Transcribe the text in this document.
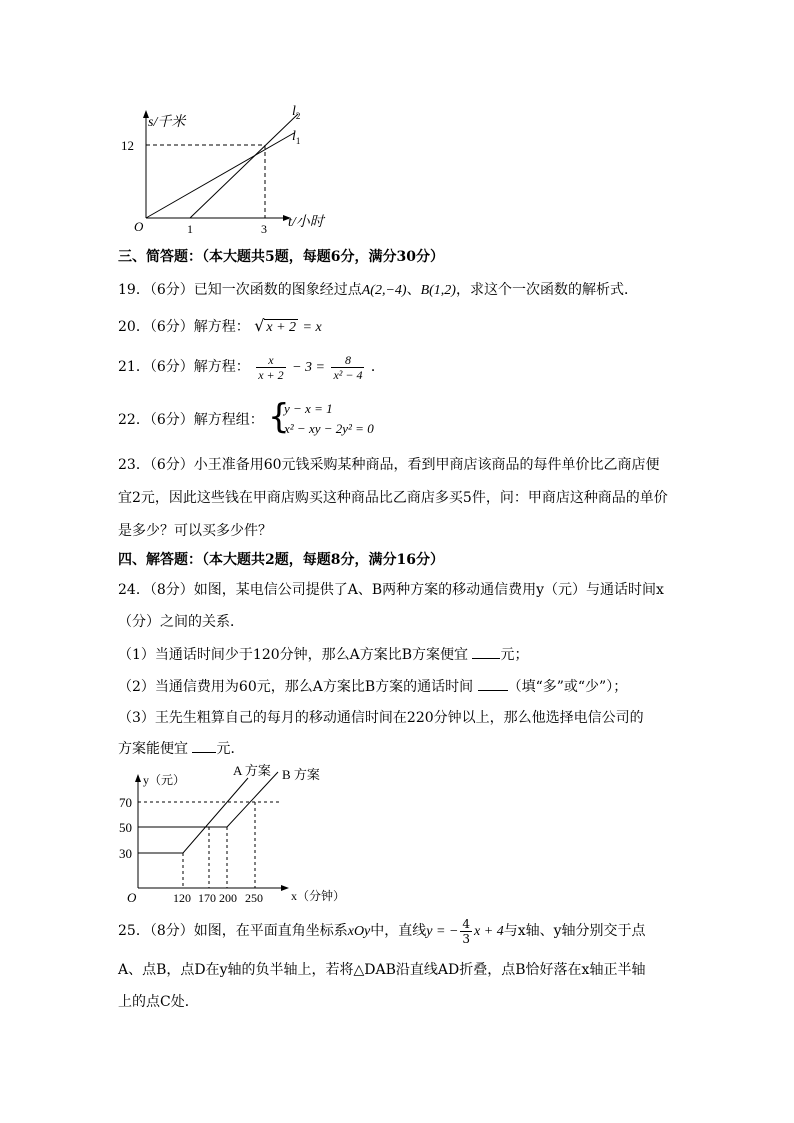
s/千米
12
O	1	3 t/小时
$l_2$
$l_1$
三、简答题：（本大题共5题，每题6分，满分30分）
19．（6分）已知一次函数的图象经过点A(2,−4)、B(1,2)，求这个一次函数的解析式．
20．（6分）解方程： √ x + 2 = x
21．（6分）解方程： $\frac{x}{x + 2} - 3 = \frac{8}{\text{x² − 4}}$ ．
22．（6分）解方程组： {
y − x = 1
x² − xy − 2y² = 0
23．（6分）小王准备用60元钱采购某种商品，看到甲商店该商品的每件单价比乙商店便
宜2元，因此这些钱在甲商店购买这种商品比乙商店多买5件，问：甲商店这种商品的单价
是多少？可以买多少件？
四、解答题：（本大题共2题，每题8分，满分16分）
24．（8分）如图，某电信公司提供了A、B两种方案的移动通信费用y（元）与通话时间x
（分）之间的关系．
（1）当通话时间少于120分钟，那么A方案比B方案便宜 元；
（2）当通信费用为60元，那么A方案比B方案的通话时间 （填“多”或“少”）；
（3）王先生粗算自己的每月的移动通信时间在220分钟以上，那么他选择电信公司的
方案能便宜 元．
y（元）
A 方案 B 方案
70
50
30
O	120 170 200 250 x（分钟）
25．（8分）如图，在平面直角坐标系xOy中，直线y = − $\frac{4}{3}$ x + 4与x轴、y轴分别交于点
A、点B，点D在y轴的负半轴上，若将△DAB沿直线AD折叠，点B恰好落在x轴正半轴
上的点C处．
